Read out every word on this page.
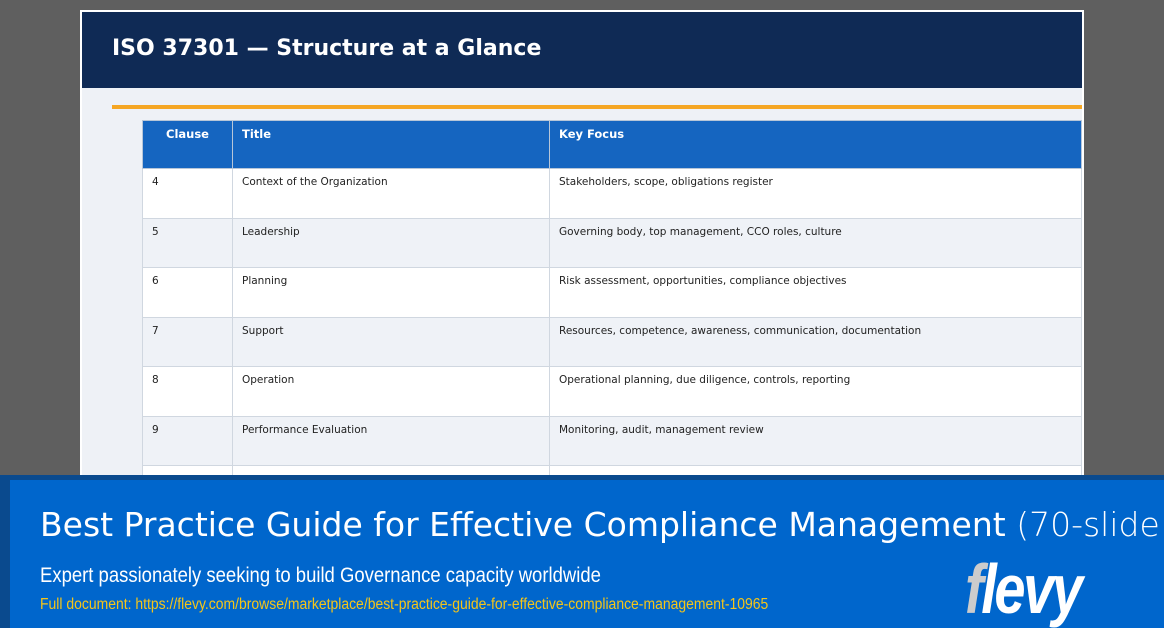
ISO 37301 — Structure at a Glance
Clause	Title	Key Focus
4	Context of the Organization	Stakeholders, scope, obligations register
5	Leadership	Governing body, top management, CCO roles, culture
6	Planning	Risk assessment, opportunities, compliance objectives
7	Support	Resources, competence, awareness, communication, documentation
8	Operation	Operational planning, due diligence, controls, reporting
9	Performance Evaluation	Monitoring, audit, management review

Best Practice Guide for Effective Compliance Management (70-slide
Expert passionately seeking to build Governance capacity worldwide
Full document: https://flevy.com/browse/marketplace/best-practice-guide-for-effective-compliance-management-10965	flevy
